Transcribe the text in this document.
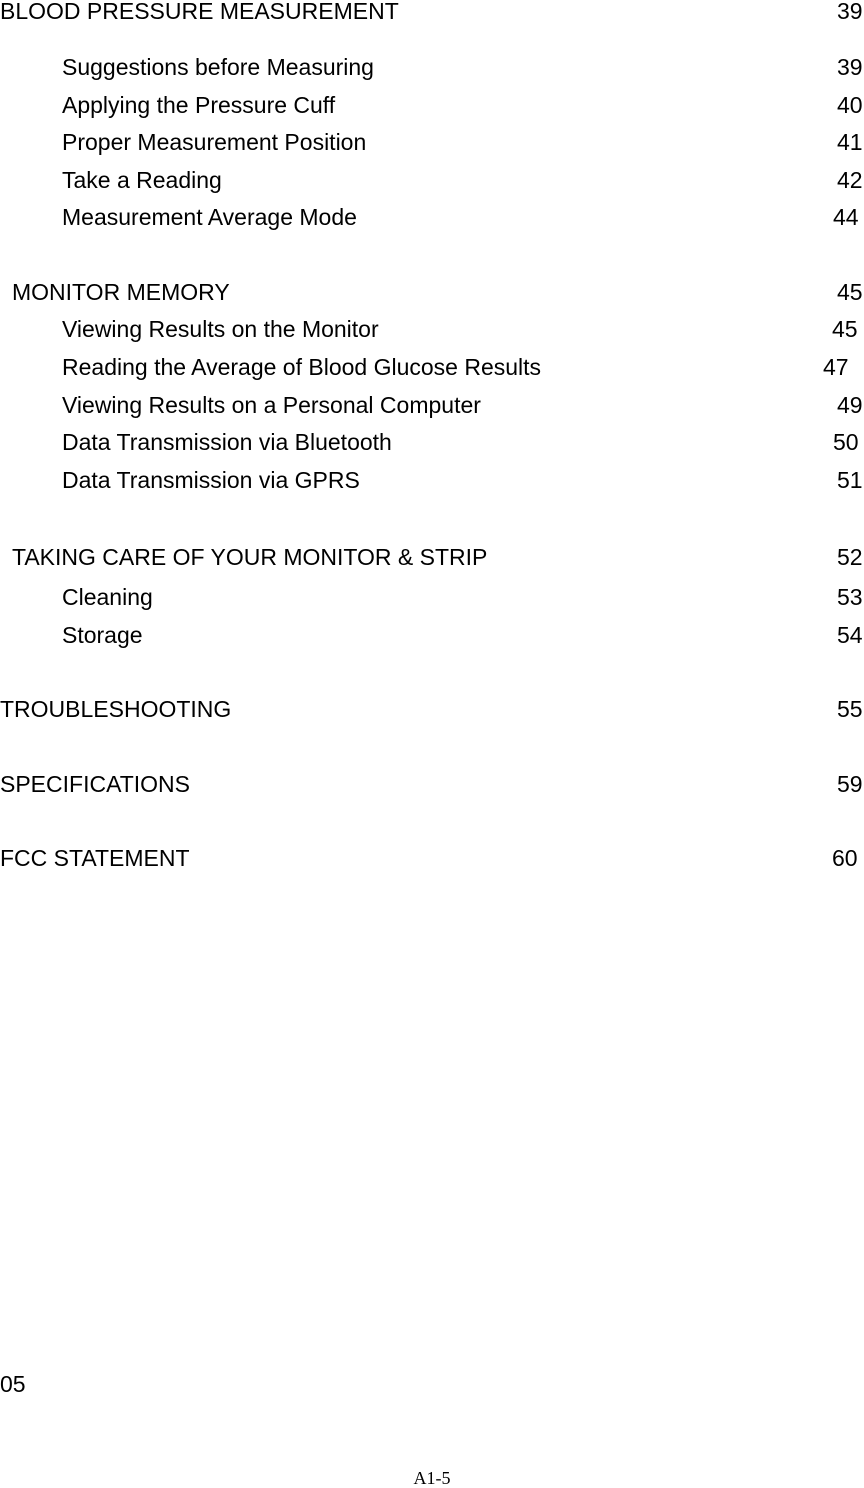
BLOOD PRESSURE MEASUREMENT	39
Suggestions before Measuring	39
Applying the Pressure Cuff	40
Proper Measurement Position	41
Take a Reading	42
Measurement Average Mode	44
MONITOR MEMORY	45
Viewing Results on the Monitor	45
Reading the Average of Blood Glucose Results	47
Viewing Results on a Personal Computer	49
Data Transmission via Bluetooth	50
Data Transmission via GPRS	51
TAKING CARE OF YOUR MONITOR & STRIP	52
Cleaning	53
Storage	54
TROUBLESHOOTING	55
SPECIFICATIONS	59
FCC STATEMENT	60
05
A1-5
